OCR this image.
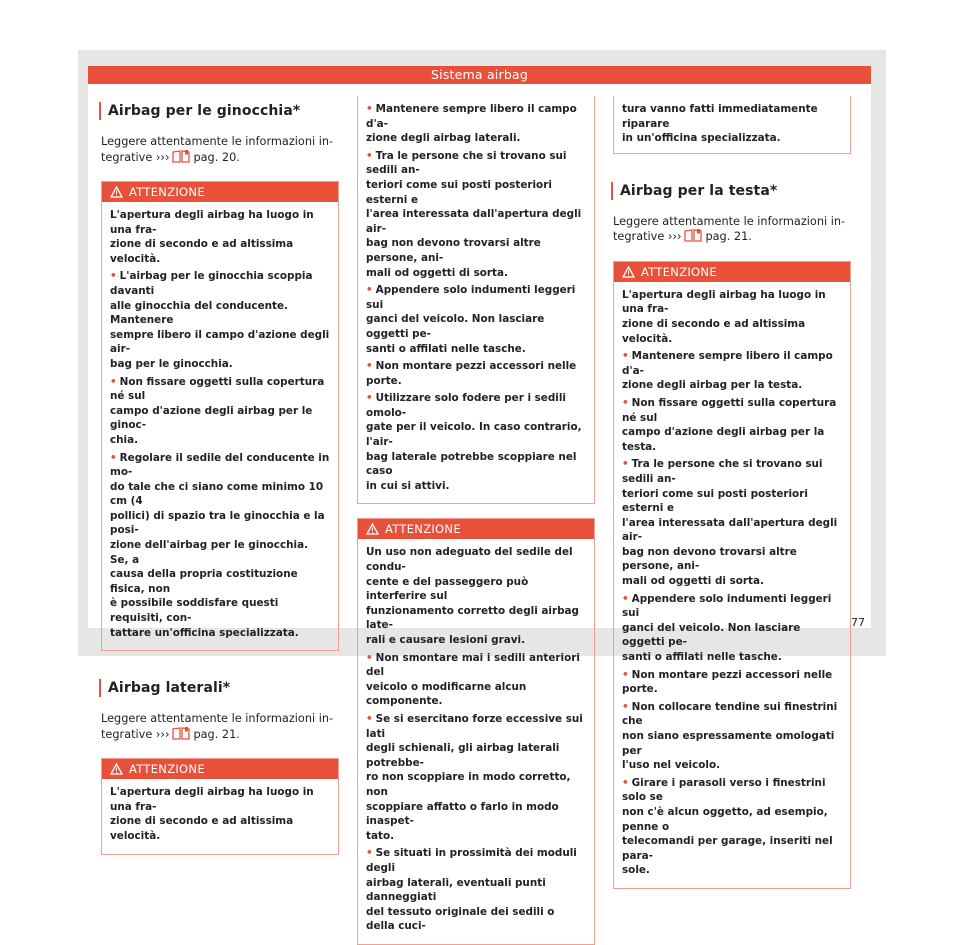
Sistema airbag
Airbag per le ginocchia*
Leggere attentamente le informazioni in-
tegrative ››› pag. 20.
ATTENZIONE

L'apertura degli airbag ha luogo in una fra-
zione di secondo e ad altissima velocità.

• L'airbag per le ginocchia scoppia davanti
alle ginocchia del conducente. Mantenere
sempre libero il campo d'azione degli air-
bag per le ginocchia.

• Non fissare oggetti sulla copertura né sul
campo d'azione degli airbag per le ginoc-
chia.

• Regolare il sedile del conducente in mo-
do tale che ci siano come minimo 10 cm (4
pollici) di spazio tra le ginocchia e la posi-
zione dell'airbag per le ginocchia. Se, a
causa della propria costituzione fisica, non
è possibile soddisfare questi requisiti, con-
tattare un'officina specializzata.

Airbag laterali*
Leggere attentamente le informazioni in-
tegrative ››› pag. 21.
ATTENZIONE

L'apertura degli airbag ha luogo in una fra-
zione di secondo e ad altissima velocità.

• Mantenere sempre libero il campo d'a-
zione degli airbag laterali.

• Tra le persone che si trovano sui sedili an-
teriori come sui posti posteriori esterni e
l'area interessata dall'apertura degli air-
bag non devono trovarsi altre persone, ani-
mali od oggetti di sorta.

• Appendere solo indumenti leggeri sui
ganci del veicolo. Non lasciare oggetti pe-
santi o affilati nelle tasche.

• Non montare pezzi accessori nelle porte.

• Utilizzare solo fodere per i sedili omolo-
gate per il veicolo. In caso contrario, l'air-
bag laterale potrebbe scoppiare nel caso
in cui si attivi.

ATTENZIONE

Un uso non adeguato del sedile del condu-
cente e del passeggero può interferire sul
funzionamento corretto degli airbag late-
rali e causare lesioni gravi.

• Non smontare mai i sedili anteriori del
veicolo o modificarne alcun componente.

• Se si esercitano forze eccessive sui lati
degli schienali, gli airbag laterali potrebbe-
ro non scoppiare in modo corretto, non
scoppiare affatto o farlo in modo inaspet-
tato.

• Se situati in prossimità dei moduli degli
airbag laterali, eventuali punti danneggiati
del tessuto originale dei sedili o della cuci-

tura vanno fatti immediatamente riparare
in un'officina specializzata.

Airbag per la testa*
Leggere attentamente le informazioni in-
tegrative ››› pag. 21.
ATTENZIONE

L'apertura degli airbag ha luogo in una fra-
zione di secondo e ad altissima velocità.

• Mantenere sempre libero il campo d'a-
zione degli airbag per la testa.

• Non fissare oggetti sulla copertura né sul
campo d'azione degli airbag per la testa.

• Tra le persone che si trovano sui sedili an-
teriori come sui posti posteriori esterni e
l'area interessata dall'apertura degli air-
bag non devono trovarsi altre persone, ani-
mali od oggetti di sorta.

• Appendere solo indumenti leggeri sui
ganci del veicolo. Non lasciare oggetti pe-
santi o affilati nelle tasche.

• Non montare pezzi accessori nelle porte.

• Non collocare tendine sui finestrini che
non siano espressamente omologati per
l'uso nel veicolo.

• Girare i parasoli verso i finestrini solo se
non c'è alcun oggetto, ad esempio, penne o
telecomandi per garage, inseriti nel para-
sole.

77
